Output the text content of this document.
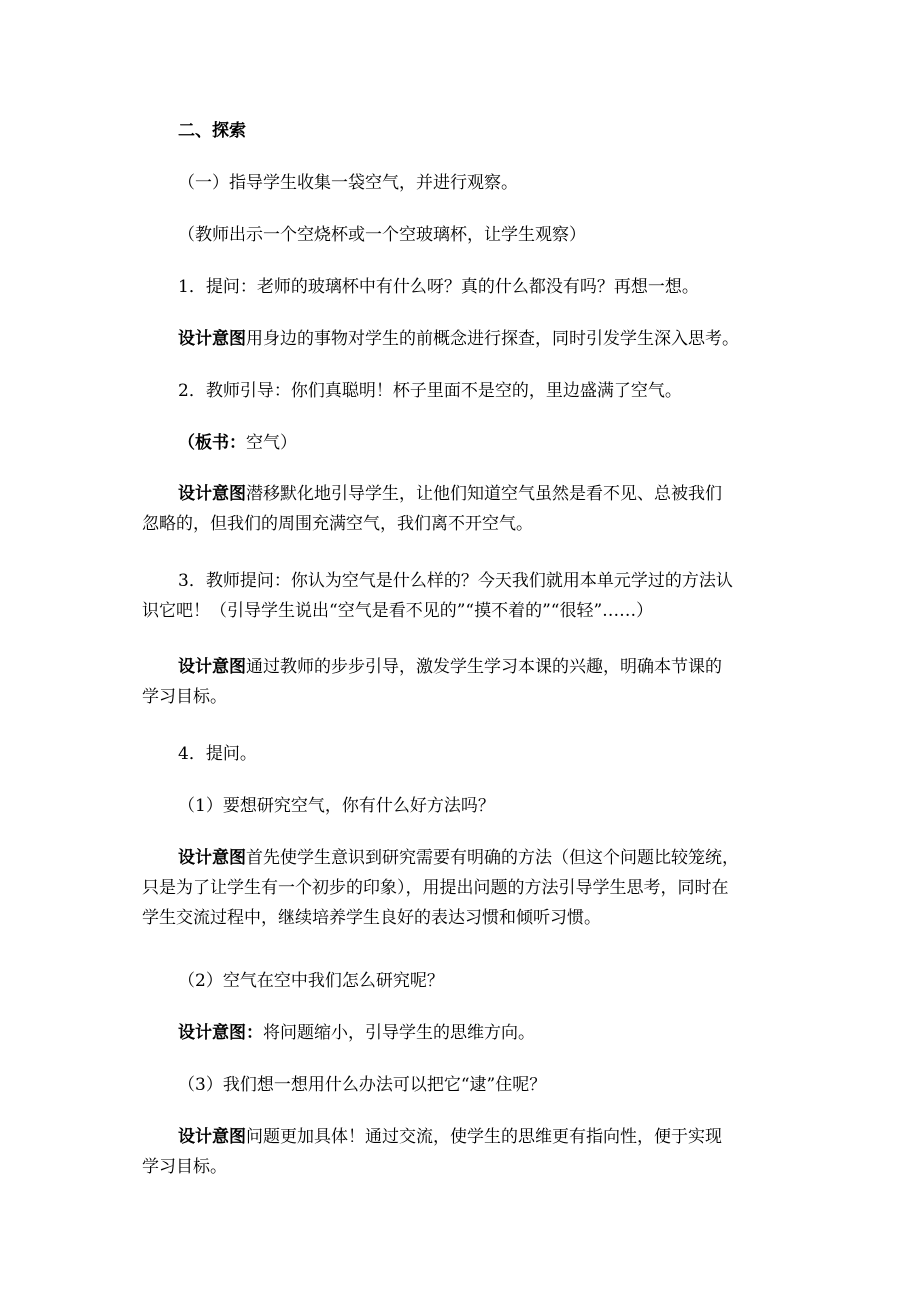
二、探索
（一）指导学生收集一袋空气，并进行观察。
（教师出示一个空烧杯或一个空玻璃杯，让学生观察）
1．提问：老师的玻璃杯中有什么呀？真的什么都没有吗？再想一想。
设计意图用身边的事物对学生的前概念进行探查，同时引发学生深入思考。
2．教师引导：你们真聪明！杯子里面不是空的，里边盛满了空气。
（板书：空气）
设计意图潜移默化地引导学生，让他们知道空气虽然是看不见、总被我们
忽略的，但我们的周围充满空气，我们离不开空气。
3．教师提问：你认为空气是什么样的？今天我们就用本单元学过的方法认
识它吧！（引导学生说出“空气是看不见的”“摸不着的”“很轻”……）
设计意图通过教师的步步引导，激发学生学习本课的兴趣，明确本节课的
学习目标。
4．提问。
（1）要想研究空气，你有什么好方法吗？
设计意图首先使学生意识到研究需要有明确的方法（但这个问题比较笼统，
只是为了让学生有一个初步的印象），用提出问题的方法引导学生思考，同时在
学生交流过程中，继续培养学生良好的表达习惯和倾听习惯。
（2）空气在空中我们怎么研究呢？
设计意图：将问题缩小，引导学生的思维方向。
（3）我们想一想用什么办法可以把它“逮”住呢？
设计意图问题更加具体！通过交流，使学生的思维更有指向性，便于实现
学习目标。
